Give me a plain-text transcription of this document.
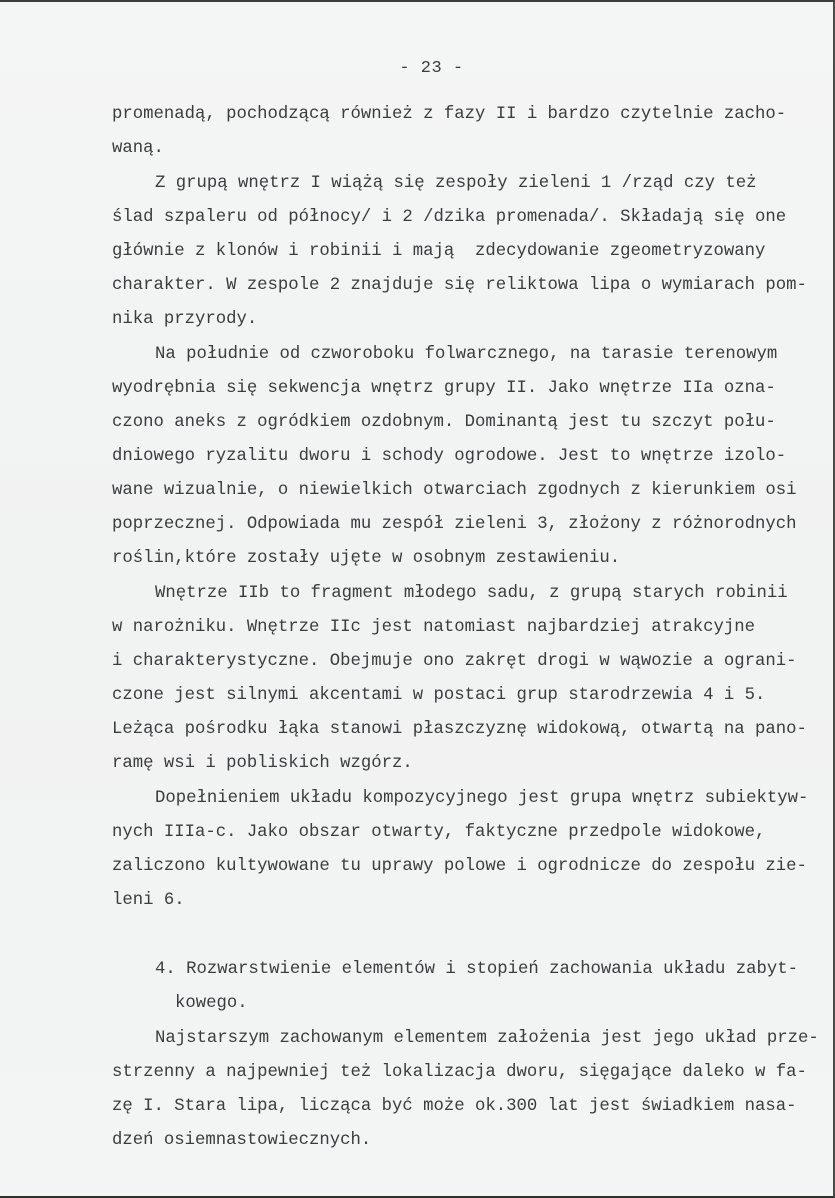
- 23 -
promenadą, pochodzącą również z fazy II i bardzo czytelnie zacho-
waną.
Z grupą wnętrz I wiążą się zespoły zieleni 1 /rząd czy też
ślad szpaleru od północy/ i 2 /dzika promenada/. Składają się one
głównie z klonów i robinii i mają  zdecydowanie zgeometryzowany
charakter. W zespole 2 znajduje się reliktowa lipa o wymiarach pom-
nika przyrody.
Na południe od czworoboku folwarcznego, na tarasie terenowym
wyodrębnia się sekwencja wnętrz grupy II. Jako wnętrze IIa ozna-
czono aneks z ogródkiem ozdobnym. Dominantą jest tu szczyt połu-
dniowego ryzalitu dworu i schody ogrodowe. Jest to wnętrze izolo-
wane wizualnie, o niewielkich otwarciach zgodnych z kierunkiem osi
poprzecznej. Odpowiada mu zespół zieleni 3, złożony z różnorodnych
roślin,które zostały ujęte w osobnym zestawieniu.
Wnętrze IIb to fragment młodego sadu, z grupą starych robinii
w narożniku. Wnętrze IIc jest natomiast najbardziej atrakcyjne
i charakterystyczne. Obejmuje ono zakręt drogi w wąwozie a ograni-
czone jest silnymi akcentami w postaci grup starodrzewia 4 i 5.
Leżąca pośrodku łąka stanowi płaszczyznę widokową, otwartą na pano-
ramę wsi i pobliskich wzgórz.
Dopełnieniem układu kompozycyjnego jest grupa wnętrz subiektyw-
nych IIIa-c. Jako obszar otwarty, faktyczne przedpole widokowe,
zaliczono kultywowane tu uprawy polowe i ogrodnicze do zespołu zie-
leni 6.
4. Rozwarstwienie elementów i stopień zachowania układu zabyt-
kowego.
Najstarszym zachowanym elementem założenia jest jego układ prze-
strzenny a najpewniej też lokalizacja dworu, sięgające daleko w fa-
zę I. Stara lipa, licząca być może ok.300 lat jest świadkiem nasa-
dzeń osiemnastowiecznych.
